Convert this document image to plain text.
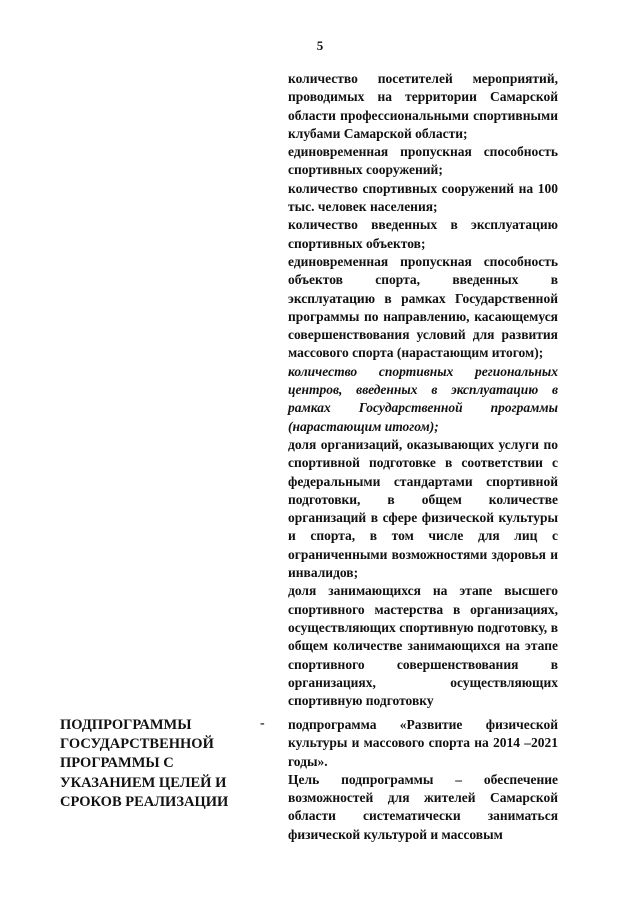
5

количество посетителей мероприятий, проводимых на территории Самарской области профессиональными спортивными клубами Самарской области;

единовременная пропускная способность спортивных сооружений;

количество спортивных сооружений на 100 тыс. человек населения;

количество введенных в эксплуатацию спортивных объектов;

единовременная пропускная способность объектов спорта, введенных в эксплуатацию в рамках Государственной программы по направлению, касающемуся совершенствования условий для развития массового спорта (нарастающим итогом);

количество спортивных региональных центров, введенных в эксплуатацию в рамках Государственной программы (нарастающим итогом);

доля организаций, оказывающих услуги по спортивной подготовке в соответствии с федеральными стандартами спортивной подготовки, в общем количестве организаций в сфере физической культуры и спорта, в том числе для лиц с ограниченными возможностями здоровья и инвалидов;

доля занимающихся на этапе высшего спортивного мастерства в организациях, осуществляющих спортивную подготовку, в общем количестве занимающихся на этапе спортивного совершенствования в организациях, осуществляющих спортивную подготовку

ПОДПРОГРАММЫ ГОСУДАРСТВЕННОЙ ПРОГРАММЫ С УКАЗАНИЕМ ЦЕЛЕЙ И СРОКОВ РЕАЛИЗАЦИИ
- подпрограмма «Развитие физической культуры и массового спорта на 2014 –2021 годы».

Цель подпрограммы – обеспечение возможностей для жителей Самарской области систематически заниматься физической культурой и массовым
